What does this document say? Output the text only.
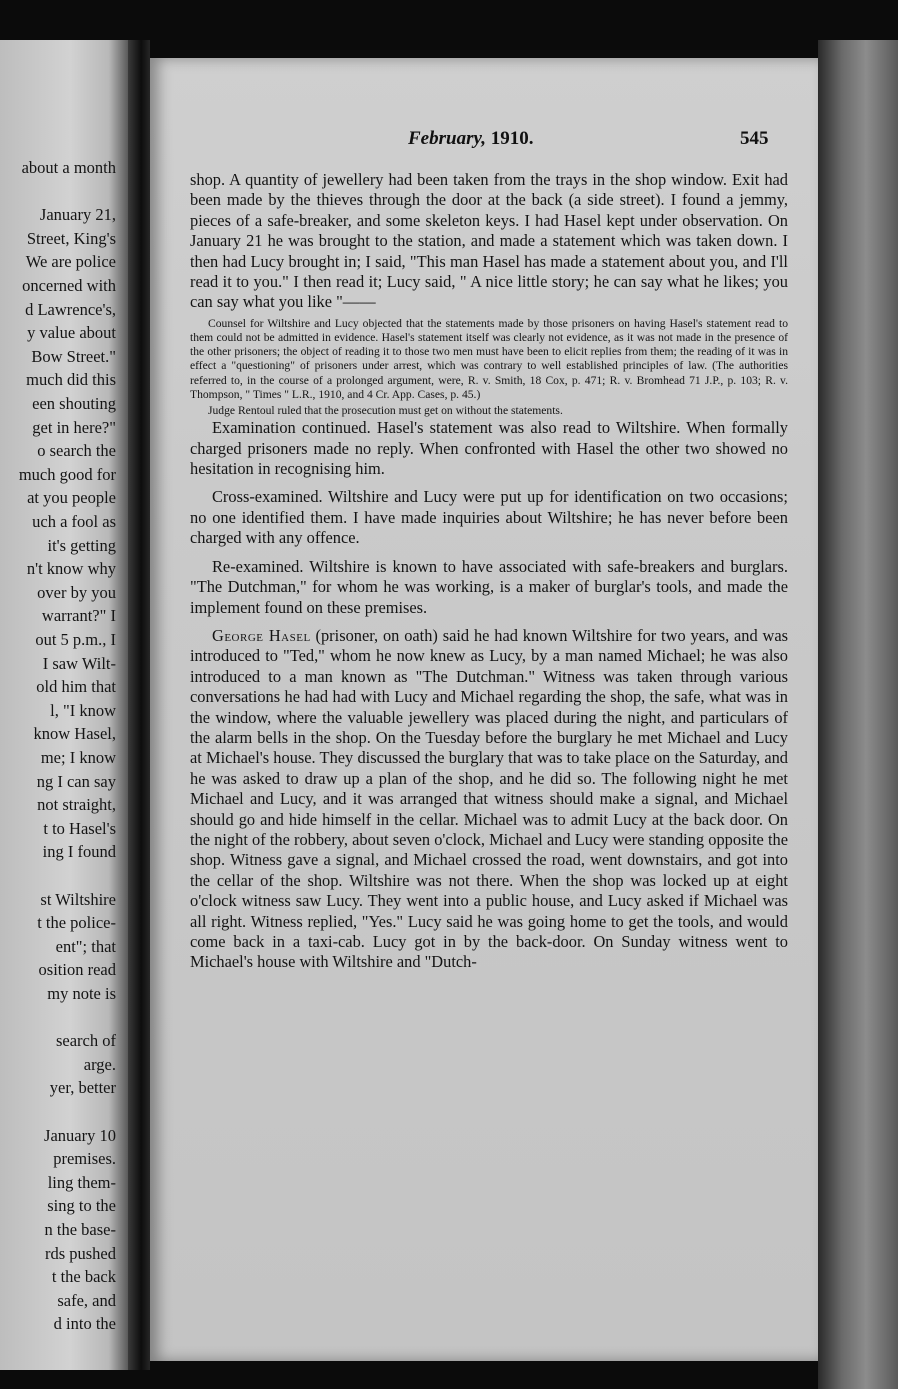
about a month
January 21,
Street, King's
We are police
oncerned with
d Lawrence's,
y value about
Bow Street."
much did this
een shouting
get in here?"
o search the
much good for
at you people
uch a fool as
it's getting
n't know why
over by you
warrant?" I
out 5 p.m., I
I saw Wilt-
old him that
l, "I know
know Hasel,
me; I know
ng I can say
not straight,
t to Hasel's
ing I found
st Wiltshire
t the police-
ent"; that
osition read
my note is
search of
arge.
yer, better
January 10
premises.
ling them-
sing to the
n the base-
rds pushed
t the back
safe, and
d into the
February, 1910.	545

shop. A quantity of jewellery had been taken from the trays in the shop window. Exit had been made by the thieves through the door at the back (a side street). I found a jemmy, pieces of a safe-breaker, and some skeleton keys. I had Hasel kept under observation. On January 21 he was brought to the station, and made a statement which was taken down. I then had Lucy brought in; I said, "This man Hasel has made a statement about you, and I'll read it to you." I then read it; Lucy said, " A nice little story; he can say what he likes; you can say what you like "——

Counsel for Wiltshire and Lucy objected that the statements made by those prisoners on having Hasel's statement read to them could not be admitted in evidence. Hasel's statement itself was clearly not evidence, as it was not made in the presence of the other prisoners; the object of reading it to those two men must have been to elicit replies from them; the reading of it was in effect a "questioning" of prisoners under arrest, which was contrary to well established principles of law. (The authorities referred to, in the course of a prolonged argument, were, R. v. Smith, 18 Cox, p. 471; R. v. Bromhead 71 J.P., p. 103; R. v. Thompson, " Times " L.R., 1910, and 4 Cr. App. Cases, p. 45.)

Judge Rentoul ruled that the prosecution must get on without the statements.

Examination continued. Hasel's statement was also read to Wiltshire. When formally charged prisoners made no reply. When confronted with Hasel the other two showed no hesitation in recognising him.

Cross-examined. Wiltshire and Lucy were put up for identification on two occasions; no one identified them. I have made inquiries about Wiltshire; he has never before been charged with any offence.

Re-examined. Wiltshire is known to have associated with safe-breakers and burglars. "The Dutchman," for whom he was working, is a maker of burglar's tools, and made the implement found on these premises.

George Hasel (prisoner, on oath) said he had known Wiltshire for two years, and was introduced to "Ted," whom he now knew as Lucy, by a man named Michael; he was also introduced to a man known as "The Dutchman." Witness was taken through various conversations he had had with Lucy and Michael regarding the shop, the safe, what was in the window, where the valuable jewellery was placed during the night, and particulars of the alarm bells in the shop. On the Tuesday before the burglary he met Michael and Lucy at Michael's house. They discussed the burglary that was to take place on the Saturday, and he was asked to draw up a plan of the shop, and he did so. The following night he met Michael and Lucy, and it was arranged that witness should make a signal, and Michael should go and hide himself in the cellar. Michael was to admit Lucy at the back door. On the night of the robbery, about seven o'clock, Michael and Lucy were standing opposite the shop. Witness gave a signal, and Michael crossed the road, went downstairs, and got into the cellar of the shop. Wiltshire was not there. When the shop was locked up at eight o'clock witness saw Lucy. They went into a public house, and Lucy asked if Michael was all right. Witness replied, "Yes." Lucy said he was going home to get the tools, and would come back in a taxi-cab. Lucy got in by the back-door. On Sunday witness went to Michael's house with Wiltshire and "Dutch-
